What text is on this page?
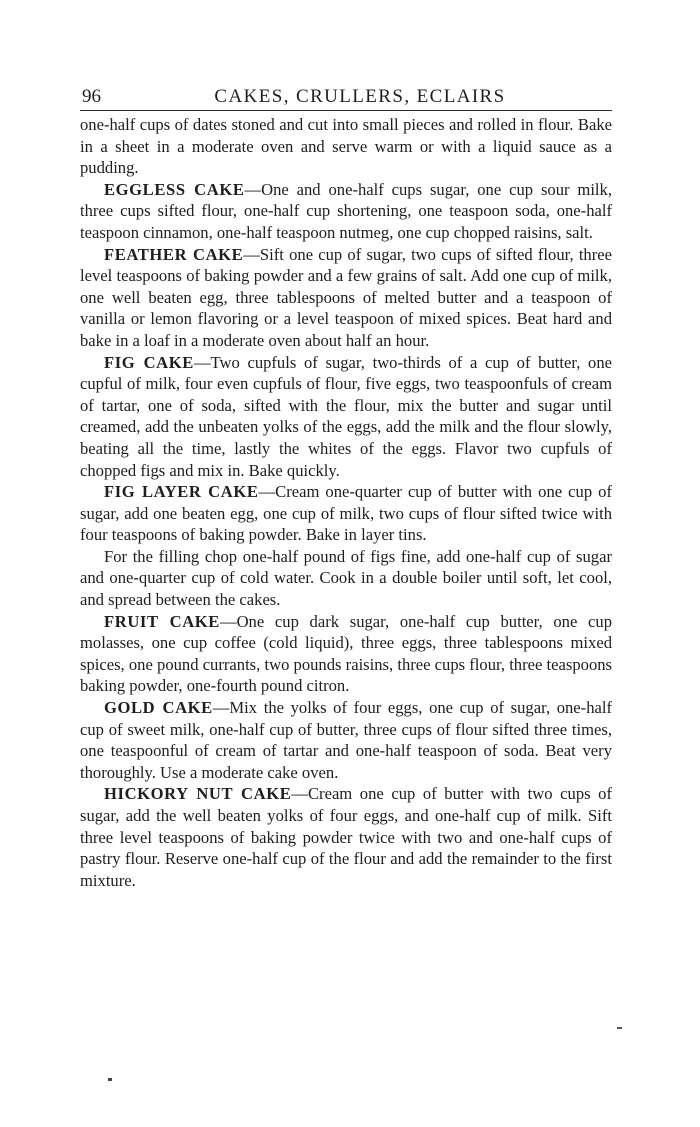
96	CAKES, CRULLERS, ECLAIRS

one-half cups of dates stoned and cut into small pieces and rolled in flour. Bake in a sheet in a moderate oven and serve warm or with a liquid sauce as a pudding.

EGGLESS CAKE—One and one-half cups sugar, one cup sour milk, three cups sifted flour, one-half cup shortening, one teaspoon soda, one-half teaspoon cinnamon, one-half teaspoon nutmeg, one cup chopped raisins, salt.

FEATHER CAKE—Sift one cup of sugar, two cups of sifted flour, three level teaspoons of baking powder and a few grains of salt. Add one cup of milk, one well beaten egg, three tablespoons of melted butter and a teaspoon of vanilla or lemon flavoring or a level teaspoon of mixed spices. Beat hard and bake in a loaf in a moderate oven about half an hour.

FIG CAKE—Two cupfuls of sugar, two-thirds of a cup of butter, one cupful of milk, four even cupfuls of flour, five eggs, two teaspoonfuls of cream of tartar, one of soda, sifted with the flour, mix the butter and sugar until creamed, add the unbeaten yolks of the eggs, add the milk and the flour slowly, beating all the time, lastly the whites of the eggs. Flavor two cupfuls of chopped figs and mix in. Bake quickly.

FIG LAYER CAKE—Cream one-quarter cup of butter with one cup of sugar, add one beaten egg, one cup of milk, two cups of flour sifted twice with four teaspoons of baking powder. Bake in layer tins.

For the filling chop one-half pound of figs fine, add one-half cup of sugar and one-quarter cup of cold water. Cook in a double boiler until soft, let cool, and spread between the cakes.

FRUIT CAKE—One cup dark sugar, one-half cup butter, one cup molasses, one cup coffee (cold liquid), three eggs, three tablespoons mixed spices, one pound currants, two pounds raisins, three cups flour, three teaspoons baking powder, one-fourth pound citron.

GOLD CAKE—Mix the yolks of four eggs, one cup of sugar, one-half cup of sweet milk, one-half cup of butter, three cups of flour sifted three times, one teaspoonful of cream of tartar and one-half teaspoon of soda. Beat very thoroughly. Use a moderate cake oven.

HICKORY NUT CAKE—Cream one cup of butter with two cups of sugar, add the well beaten yolks of four eggs, and one-half cup of milk. Sift three level teaspoons of baking powder twice with two and one-half cups of pastry flour. Reserve one-half cup of the flour and add the remainder to the first mixture.
